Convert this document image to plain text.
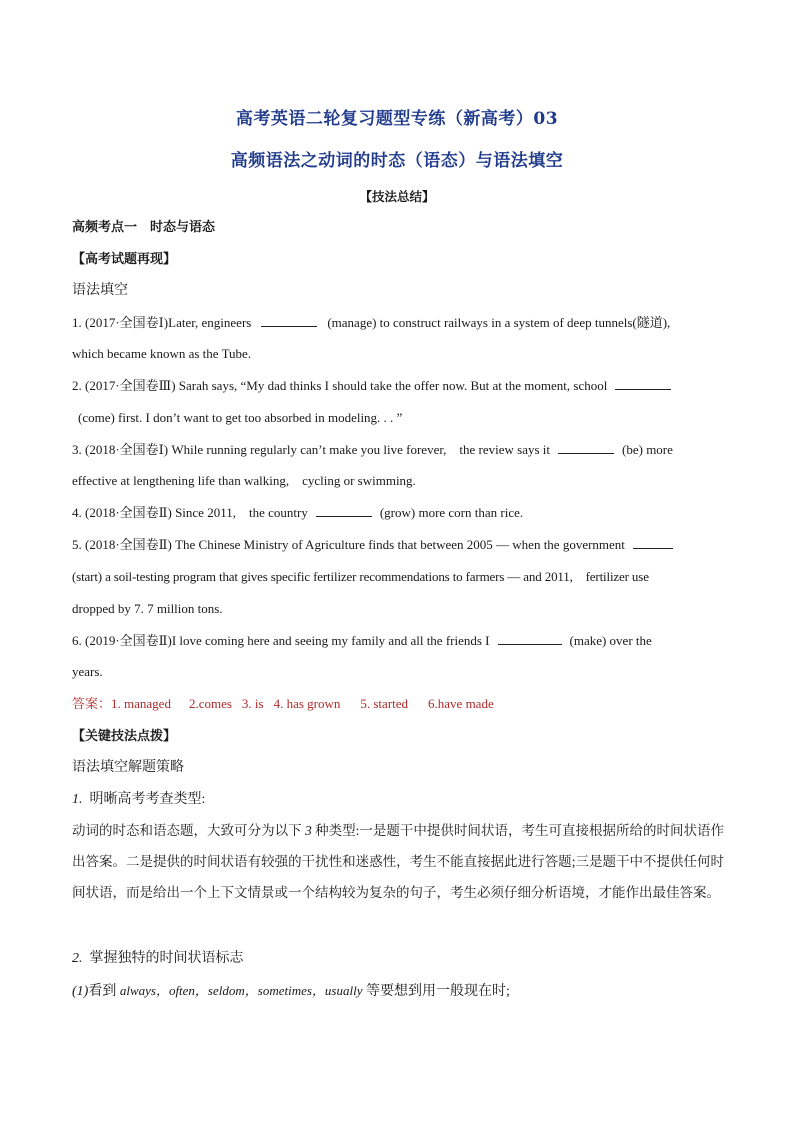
高考英语二轮复习题型专练（新高考）03
高频语法之动词的时态（语态）与语法填空
【技法总结】
高频考点一　时态与语态
【高考试题再现】
语法填空
1. (2017·全国卷Ⅰ)Later, engineers	(manage) to construct railways in a system of deep tunnels(隧道),
which became known as the Tube.
2. (2017·全国卷Ⅲ) Sarah says, “My dad thinks I should take the offer now. But at the moment, school
(come) first. I don’t want to get too absorbed in modeling. . . ”
3. (2018·全国卷Ⅰ) While running regularly can’t make you live forever,　the review says it	(be) more
effective at lengthening life than walking,　cycling or swimming.
4. (2018·全国卷Ⅱ) Since 2011,　the country	(grow) more corn than rice.
5. (2018·全国卷Ⅱ) The Chinese Ministry of Agriculture finds that between 2005 — when the government
(start) a soil-testing program that gives specific fertilizer recommendations to farmers — and 2011,　fertilizer use
dropped by 7. 7 million tons.
6. (2019·全国卷Ⅱ)I love coming here and seeing my family and all the friends I	(make) over the
years.
答案：1. managed 2.comes 3. is 4. has grown 5. started 6.have made
【关键技法点拨】
语法填空解题策略
1. 明晰高考考查类型:
动词的时态和语态题，大致可分为以下 3 种类型:一是题干中提供时间状语，考生可直接根据所给的时间状语作出答案。二是提供的时间状语有较强的干扰性和迷惑性，考生不能直接据此进行答题;三是题干中不提供任何时间状语，而是给出一个上下文情景或一个结构较为复杂的句子，考生必须仔细分析语境，才能作出最佳答案。
2. 掌握独特的时间状语标志
(1)看到 always，often，seldom，sometimes，usually 等要想到用一般现在时;
